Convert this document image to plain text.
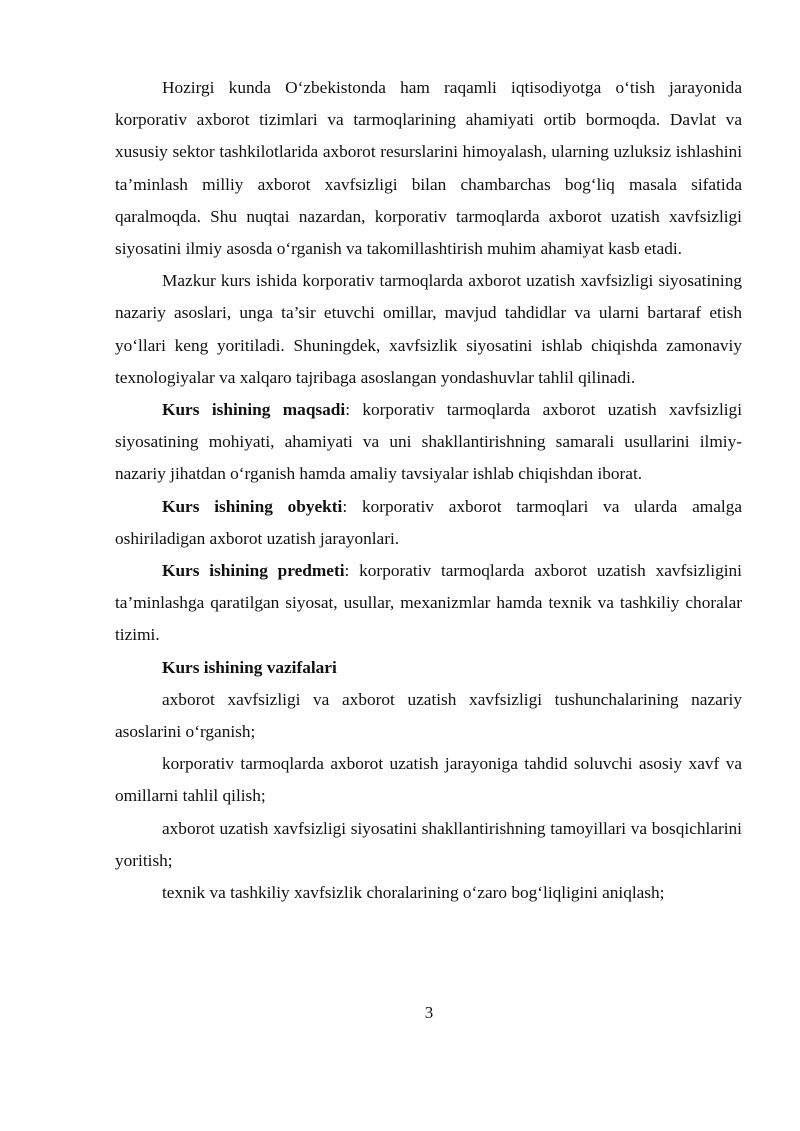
Hozirgi kunda O‘zbekistonda ham raqamli iqtisodiyotga o‘tish jarayonida korporativ axborot tizimlari va tarmoqlarining ahamiyati ortib bormoqda. Davlat va xususiy sektor tashkilotlarida axborot resurslarini himoyalash, ularning uzluksiz ishlashini ta’minlash milliy axborot xavfsizligi bilan chambarchas bog‘liq masala sifatida qaralmoqda. Shu nuqtai nazardan, korporativ tarmoqlarda axborot uzatish xavfsizligi siyosatini ilmiy asosda o‘rganish va takomillashtirish muhim ahamiyat kasb etadi.

Mazkur kurs ishida korporativ tarmoqlarda axborot uzatish xavfsizligi siyosatining nazariy asoslari, unga ta’sir etuvchi omillar, mavjud tahdidlar va ularni bartaraf etish yo‘llari keng yoritiladi. Shuningdek, xavfsizlik siyosatini ishlab chiqishda zamonaviy texnologiyalar va xalqaro tajribaga asoslangan yondashuvlar tahlil qilinadi.

Kurs ishining maqsadi: korporativ tarmoqlarda axborot uzatish xavfsizligi siyosatining mohiyati, ahamiyati va uni shakllantirishning samarali usullarini ilmiy-nazariy jihatdan o‘rganish hamda amaliy tavsiyalar ishlab chiqishdan iborat.

Kurs ishining obyekti: korporativ axborot tarmoqlari va ularda amalga oshiriladigan axborot uzatish jarayonlari.

Kurs ishining predmeti: korporativ tarmoqlarda axborot uzatish xavfsizligini ta’minlashga qaratilgan siyosat, usullar, mexanizmlar hamda texnik va tashkiliy choralar tizimi.

Kurs ishining vazifalari

axborot xavfsizligi va axborot uzatish xavfsizligi tushunchalarining nazariy asoslarini o‘rganish;

korporativ tarmoqlarda axborot uzatish jarayoniga tahdid soluvchi asosiy xavf va omillarni tahlil qilish;

axborot uzatish xavfsizligi siyosatini shakllantirishning tamoyillari va bosqichlarini yoritish;

texnik va tashkiliy xavfsizlik choralarining o‘zaro bog‘liqligini aniqlash;

3
